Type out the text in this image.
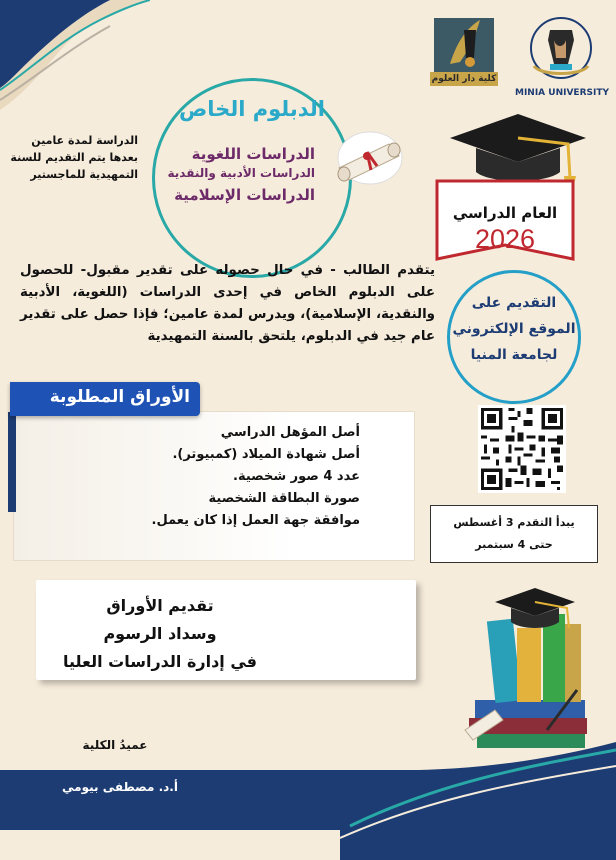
MINIA UNIVERSITY
كلية دار العلوم
الدبلوم الخاص
الدراسات اللغوية
الدراسات الأدبية والنقدية
الدراسات الإسلامية
الدراسة لمدة عامين
بعدها يتم التقديم للسنة
التمهيدية للماجستير
العام الدراسي
2026
التقديم على
الموقع الإلكتروني
لجامعة المنيا

يتقدم الطالب - في حال حصوله على تقدير مقبول- للحصول على الدبلوم الخاص في إحدى الدراسات (اللغوية، الأدبية والنقدية، الإسلامية)، ويدرس لمدة عامين؛ فإذا حصل على تقدير عام جيد في الدبلوم، يلتحق بالسنة التمهيدية

الأوراق المطلوبة
أصل المؤهل الدراسي
أصل شهادة الميلاد (كمبيوتر).
عدد 4 صور شخصية.
صورة البطاقة الشخصية
موافقة جهة العمل إذا كان يعمل.	يبدأ التقدم 3 أغسطس
حتى 4 سبتمبر
تقديم الأوراق
وسداد الرسوم
في إدارة الدراسات العليا
عميدُ الكلية
أ.د. مصطفى بيومي
